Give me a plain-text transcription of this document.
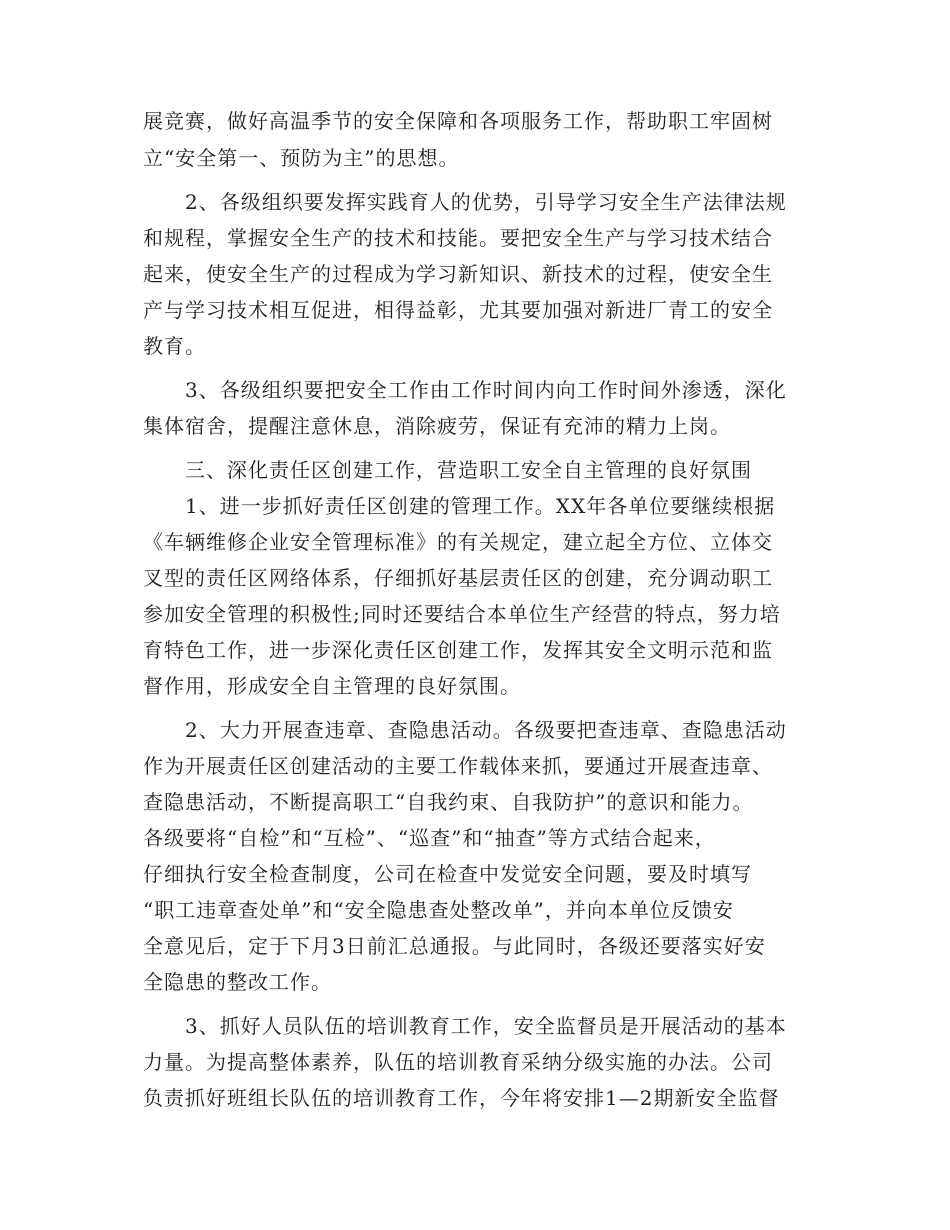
展竞赛，做好高温季节的安全保障和各项服务工作，帮助职工牢固树
立“安全第一、预防为主”的思想。
　　2、各级组织要发挥实践育人的优势，引导学习安全生产法律法规
和规程，掌握安全生产的技术和技能。要把安全生产与学习技术结合
起来，使安全生产的过程成为学习新知识、新技术的过程，使安全生
产与学习技术相互促进，相得益彰，尤其要加强对新进厂青工的安全
教育。
　　3、各级组织要把安全工作由工作时间内向工作时间外渗透，深化
集体宿舍，提醒注意休息，消除疲劳，保证有充沛的精力上岗。
　　三、深化责任区创建工作，营造职工安全自主管理的良好氛围
　　1、进一步抓好责任区创建的管理工作。XX年各单位要继续根据
《车辆维修企业安全管理标准》的有关规定，建立起全方位、立体交
叉型的责任区网络体系，仔细抓好基层责任区的创建，充分调动职工
参加安全管理的积极性;同时还要结合本单位生产经营的特点，努力培
育特色工作，进一步深化责任区创建工作，发挥其安全文明示范和监
督作用，形成安全自主管理的良好氛围。
　　2、大力开展查违章、查隐患活动。各级要把查违章、查隐患活动
作为开展责任区创建活动的主要工作载体来抓，要通过开展查违章、
查隐患活动，不断提高职工“自我约束、自我防护”的意识和能力。
各级要将“自检”和“互检”、“巡查”和“抽查”等方式结合起来，
仔细执行安全检查制度，公司在检查中发觉安全问题，要及时填写
“职工违章查处单”和“安全隐患查处整改单”，并向本单位反馈安
全意见后，定于下月3日前汇总通报。与此同时，各级还要落实好安
全隐患的整改工作。
　　3、抓好人员队伍的培训教育工作，安全监督员是开展活动的基本
力量。为提高整体素养，队伍的培训教育采纳分级实施的办法。公司
负责抓好班组长队伍的培训教育工作，今年将安排1—2期新安全监督
